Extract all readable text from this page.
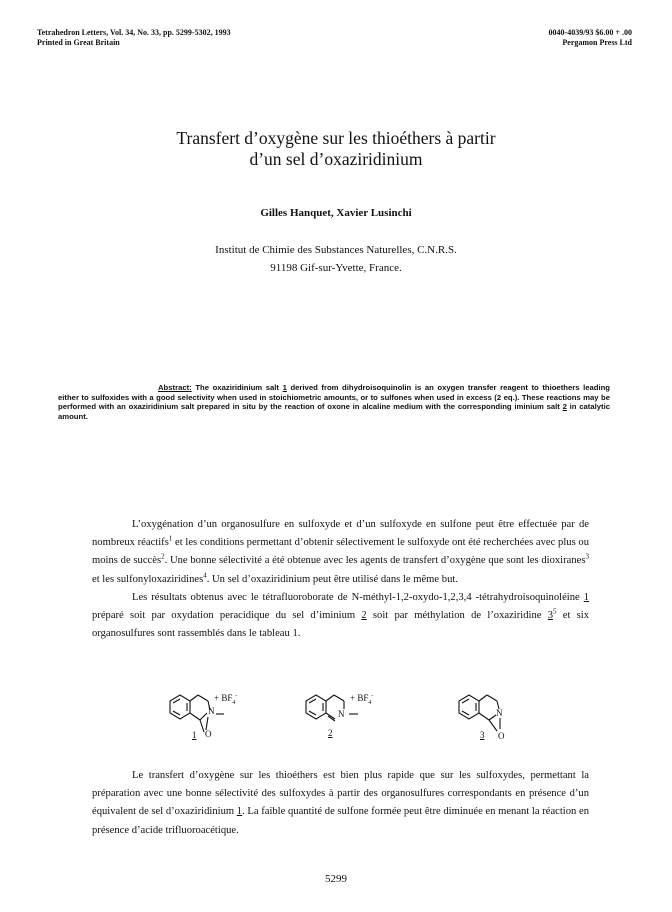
Tetrahedron Letters, Vol. 34, No. 33, pp. 5299-5302, 1993
Printed in Great Britain
0040-4039/93 $6.00 + .00
Pergamon Press Ltd
Transfert d’oxygène sur les thioéthers à partir
d’un sel d’oxaziridinium
Gilles Hanquet, Xavier Lusinchi
Institut de Chimie des Substances Naturelles, C.N.R.S.
91198 Gif-sur-Yvette, France.
Abstract: The oxaziridinium salt 1 derived from dihydroisoquinolin is an oxygen transfer reagent to thioethers leading either to sulfoxides with a good selectivity when used in stoichiometric amounts, or to sulfones when used in excess (2 eq.). These reactions may be performed with an oxaziridinium salt prepared in situ by the reaction of oxone in alcaline medium with the corresponding iminium salt 2 in catalytic amount.

L’oxygénation d’un organosulfure en sulfoxyde et d’un sulfoxyde en sulfone peut être effectuée par de nombreux réactifs$^1$ et les conditions permettant d’obtenir sélectivement le sulfoxyde ont été recherchées avec plus ou moins de succès$^2$. Une bonne sélectivité a été obtenue avec les agents de transfert d’oxygène que sont les dioxiranes$^3$ et les sulfonyloxaziridines$^4$. Un sel d’oxaziridinium peut être utilisé dans le même but.

Les résultats obtenus avec le tétrafluoroborate de N-méthyl-1,2-oxydo-1,2,3,4 -tétrahydroisoquinoléine 1 préparé soit par oxydation peracidique du sel d’iminium 2 soit par méthylation de l’oxaziridine $3^5$ et six organosulfures sont rassemblés dans le tableau 1.

N
O
+ $BF_4^-$
1
N
+ $BF_4^-$
2
N
O
3

Le transfert d’oxygène sur les thioéthers est bien plus rapide que sur les sulfoxydes, permettant la préparation avec une bonne sélectivité des sulfoxydes à partir des organosulfures correspondants en présence d’un équivalent de sel d’oxaziridinium 1. La faible quantité de sulfone formée peut être diminuée en menant la réaction en présence d’acide trifluoroacétique.

5299
